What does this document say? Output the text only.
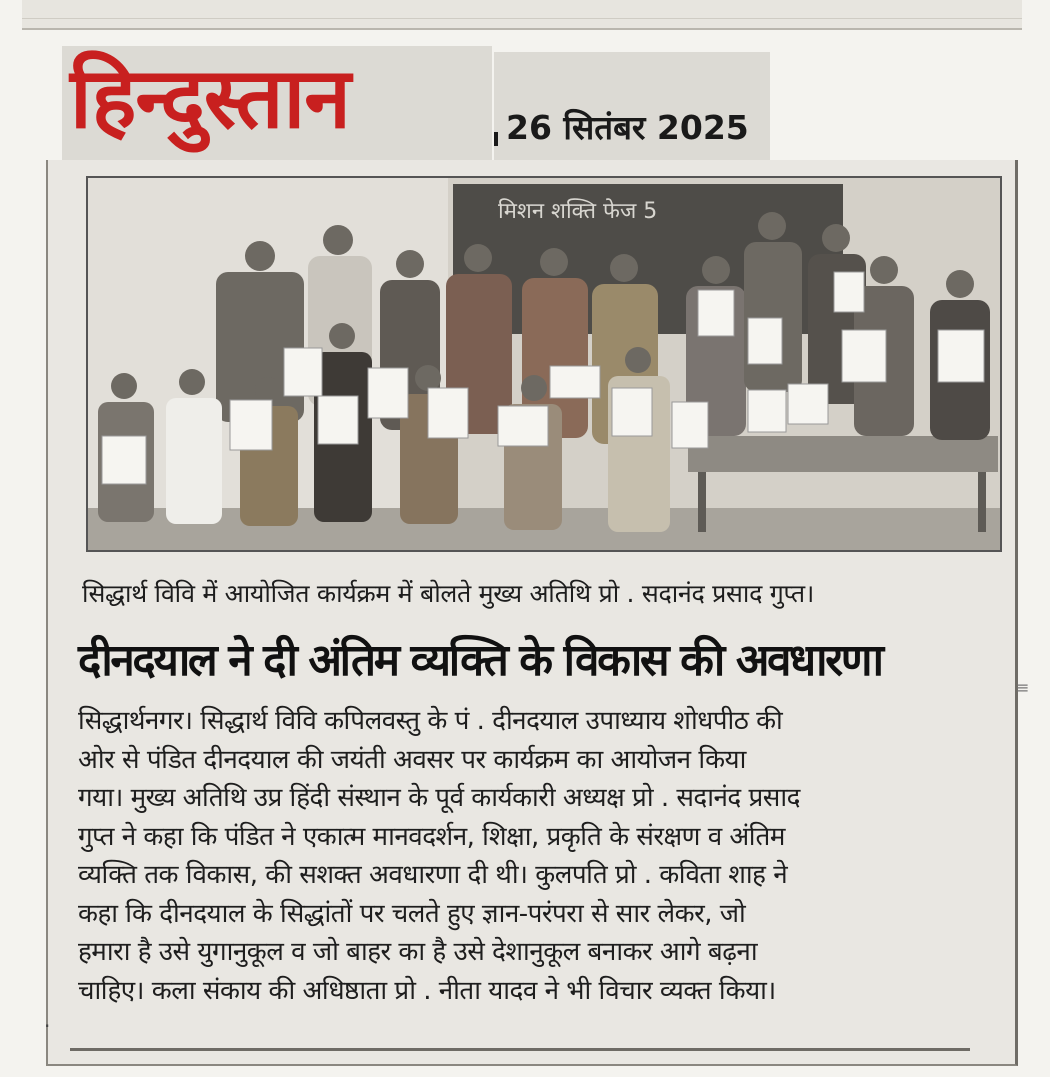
हिन्दुस्तान	26 सितंबर 2025
मिशन शक्ति फेज 5
सिद्धार्थ विवि में आयोजित कार्यक्रम में बोलते मुख्य अतिथि प्रो . सदानंद प्रसाद गुप्त।
दीनदयाल ने दी अंतिम व्यक्ति के विकास की अवधारणा
≡
सिद्धार्थनगर। सिद्धार्थ विवि कपिलवस्तु के पं . दीनदयाल उपाध्याय शोधपीठ की
ओर से पंडित दीनदयाल की जयंती अवसर पर कार्यक्रम का आयोजन किया
गया। मुख्य अतिथि उप्र हिंदी संस्थान के पूर्व कार्यकारी अध्यक्ष प्रो . सदानंद प्रसाद
गुप्त ने कहा कि पंडित ने एकात्म मानवदर्शन, शिक्षा, प्रकृति के संरक्षण व अंतिम
व्यक्ति तक विकास, की सशक्त अवधारणा दी थी। कुलपति प्रो . कविता शाह ने
कहा कि दीनदयाल के सिद्धांतों पर चलते हुए ज्ञान-परंपरा से सार लेकर, जो
हमारा है उसे युगानुकूल व जो बाहर का है उसे देशानुकूल बनाकर आगे बढ़ना
चाहिए। कला संकाय की अधिष्ठाता प्रो . नीता यादव ने भी विचार व्यक्त किया।
·
